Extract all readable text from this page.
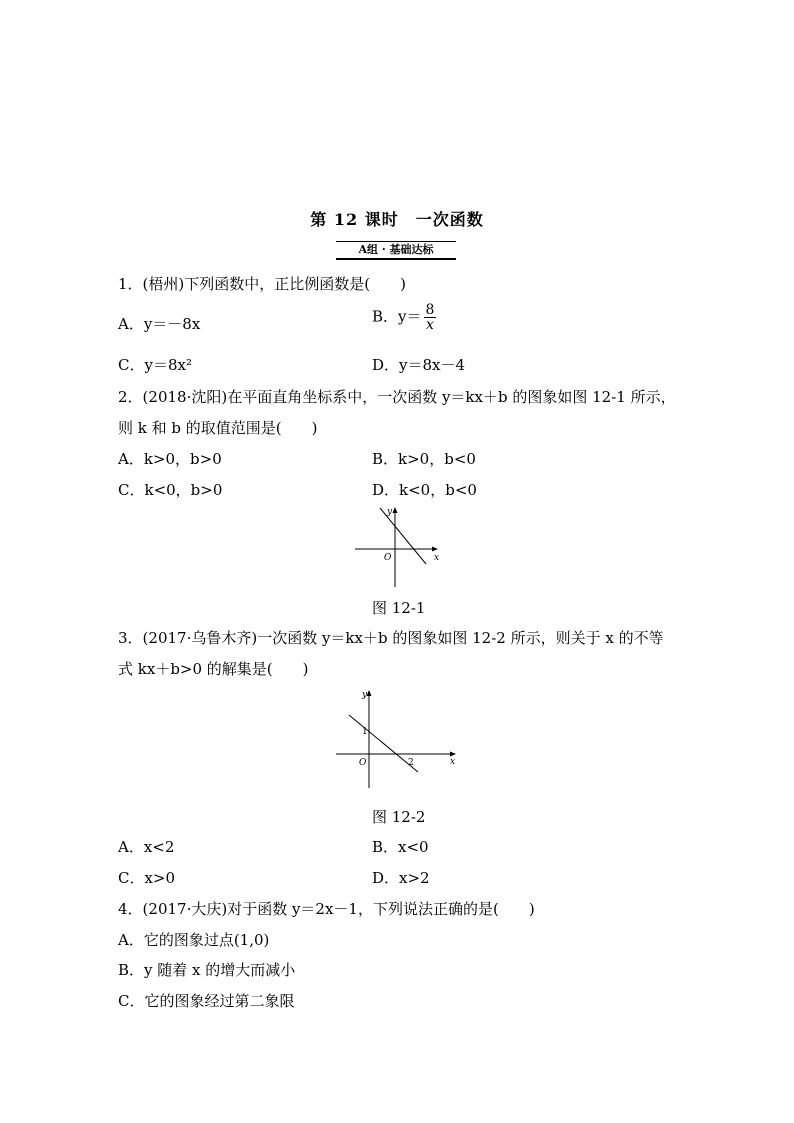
第 12 课时　一次函数
A组 · 基础达标
1．(梧州)下列函数中，正比例函数是(　　)
A．y＝－8x	B．$y= \frac{8}{x}$
C．y＝8x²	D．y＝8x－4
2．(2018·沈阳)在平面直角坐标系中，一次函数 y＝kx＋b 的图象如图 12-1 所示，
则 k 和 b 的取值范围是(　　)
A．k>0，b>0	B．k>0，b<0
C．k<0，b>0	D．k<0，b<0
y
x
O
图 12-1
3．(2017·乌鲁木齐)一次函数 y＝kx＋b 的图象如图 12-2 所示，则关于 x 的不等
式 kx＋b>0 的解集是(　　)
y
x
O
1
2
图 12-2
A．x<2	B．x<0
C．x>0	D．x>2
4．(2017·大庆)对于函数 y＝2x－1，下列说法正确的是(　　)
A．它的图象过点(1,0)
B．y 随着 x 的增大而减小
C．它的图象经过第二象限
